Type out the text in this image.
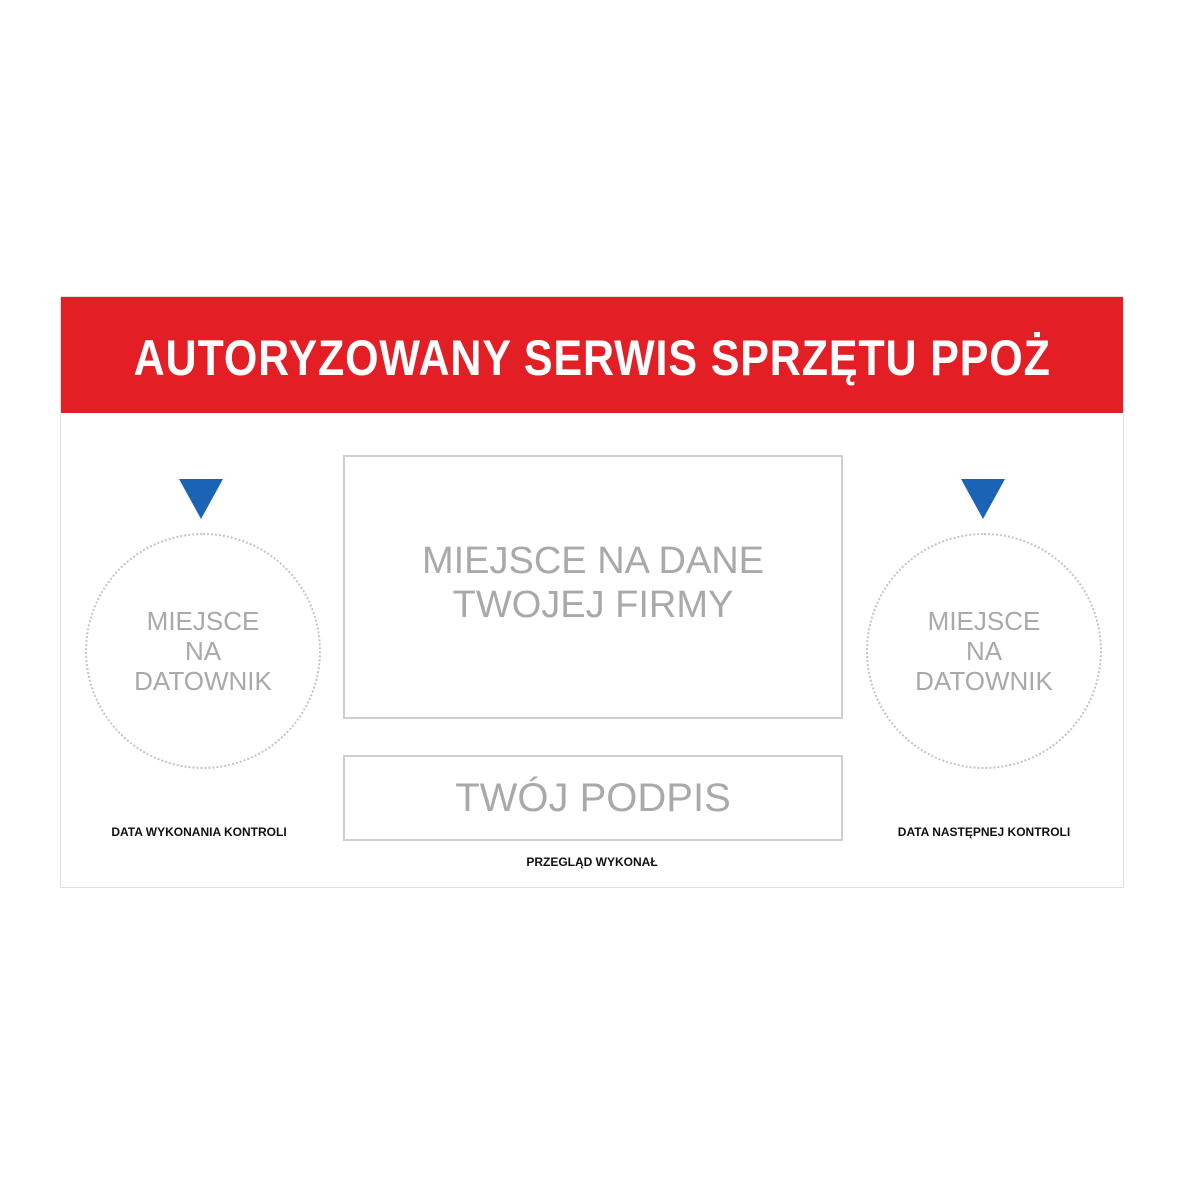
AUTORYZOWANY SERWIS SPRZĘTU PPOŻ
MIEJSCE
NA
DATOWNIK
DATA WYKONANIA KONTROLI
MIEJSCE NA DANE
TWOJEJ FIRMY
TWÓJ PODPIS
PRZEGLĄD WYKONAŁ
MIEJSCE
NA
DATOWNIK
DATA NASTĘPNEJ KONTROLI
